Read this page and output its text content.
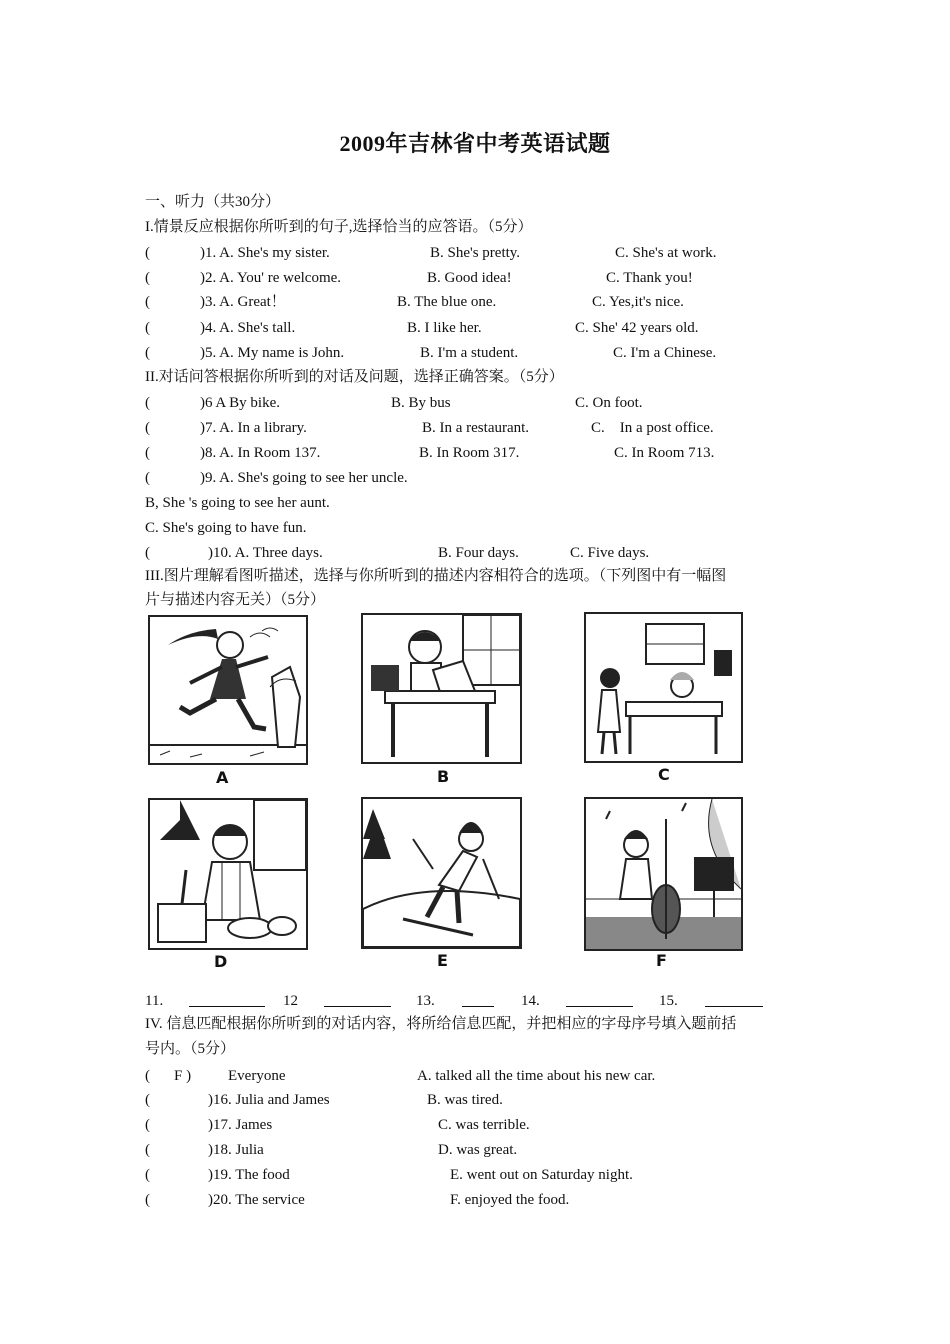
2009年吉林省中考英语试题
一、听力（共30分）
I.情景反应根据你所听到的句子,选择恰当的应答语。（5分）
(	)1. A. She's my sister.	B. She's pretty.	C. She's at work.
(	)2. A. You' re welcome.	B. Good idea!	C. Thank you!
(	)3. A. Great！	B. The blue one.	C. Yes,it's nice.
(	)4. A. She's tall.	B. I like her.	C. She' 42 years old.
(	)5. A. My name is John.	B. I'm a student.	C. I'm a Chinese.
II.对话问答根据你所听到的对话及问题，选择正确答案。（5分）
(	)6 A By bike.	B. By bus	C. On foot.
(	)7. A. In a library.	B. In a restaurant.	C.    In a post office.
(	)8. A. In Room 137.	B. In Room 317.	C. In Room 713.
(	)9. A. She's going to see her uncle.
B, She 's going to see her aunt.
C. She's going to have fun.
(	)10. A. Three days.	B. Four days.	C. Five days.
III.图片理解看图听描述，选择与你所听到的描述内容相符合的选项。（下列图中有一幅图
片与描述内容无关）（5分）
A	B	C
D	E	F
11.	12	13.	14.	15.
IV. 信息匹配根据你所听到的对话内容，将所给信息匹配，并把相应的字母序号填入题前括
号内。（5分）
( F ) Everyone	A. talked all the time about his new car.
(	)16. Julia and James	B. was tired.
(	)17. James	C. was terrible.
(	)18. Julia	D. was great.
(	)19. The food	E. went out on Saturday night.
(	)20. The service	F. enjoyed the food.
